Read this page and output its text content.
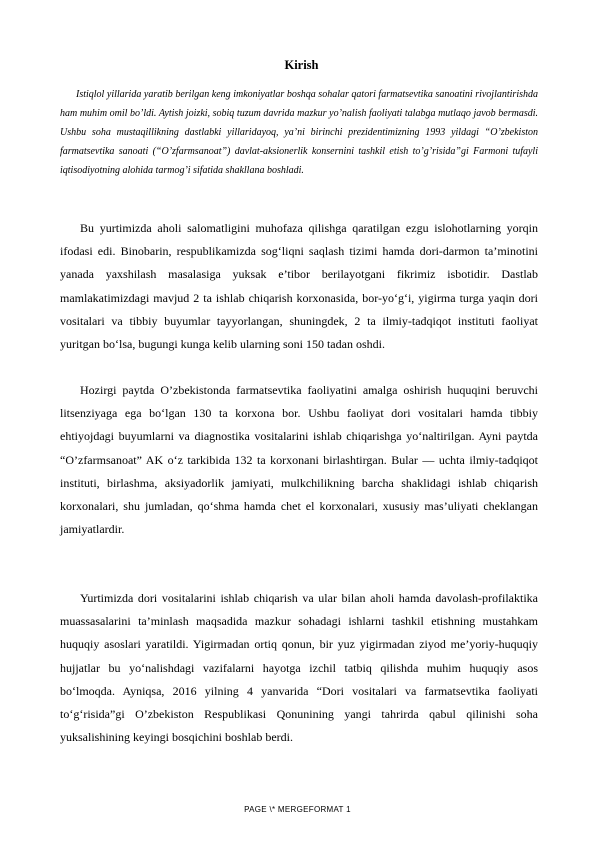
Kirish
Istiqlol yillarida yaratib berilgan keng imkoniyatlar boshqa sohalar qatori farmatsevtika sanoatini rivojlantirishda ham muhim omil bo’ldi. Aytish joizki, sobiq tuzum davrida mazkur yo’nalish faoliyati talabga mutlaqo javob bermasdi. Ushbu soha mustaqillikning dastlabki yillaridayoq, ya’ni birinchi prezidentimizning 1993 yildagi “O’zbekiston farmatsevtika sanoati (“O’zfarmsanoat”) davlat-aksionerlik konsernini tashkil etish to’g’risida”gi Farmoni tufayli iqtisodiyotning alohida tarmog’i sifatida shakllana boshladi.

Bu yurtimizda aholi salomatligini muhofaza qilishga qaratilgan ezgu islohotlarning yorqin ifodasi edi. Binobarin, respublikamizda sog‘liqni saqlash tizimi hamda dori-darmon ta’minotini yanada yaxshilash masalasiga yuksak e’tibor berilayotgani fikrimiz isbotidir. Dastlab mamlakatimizdagi mavjud 2 ta ishlab chiqarish korxonasida, bor-yo‘g‘i, yigirma turga yaqin dori vositalari va tibbiy buyumlar tayyorlangan, shuningdek, 2 ta ilmiy-tadqiqot instituti faoliyat yuritgan bo‘lsa, bugungi kunga kelib ularning soni 150 tadan oshdi.

Hozirgi paytda O’zbekistonda farmatsevtika faoliyatini amalga oshirish huquqini beruvchi litsenziyaga ega bo‘lgan 130 ta korxona bor. Ushbu faoliyat dori vositalari hamda tibbiy ehtiyojdagi buyumlarni va diagnostika vositalarini ishlab chiqarishga yo‘naltirilgan. Ayni paytda “O’zfarmsanoat” AK o‘z tarkibida 132 ta korxonani birlashtirgan. Bular — uchta ilmiy-tadqiqot instituti, birlashma, aksiyadorlik jamiyati, mulkchilikning barcha shaklidagi ishlab chiqarish korxonalari, shu jumladan, qo‘shma hamda chet el korxonalari, xususiy mas’uliyati cheklangan jamiyatlardir.

Yurtimizda dori vositalarini ishlab chiqarish va ular bilan aholi hamda davolash-profilaktika muassasalarini ta’minlash maqsadida mazkur sohadagi ishlarni tashkil etishning mustahkam huquqiy asoslari yaratildi. Yigirmadan ortiq qonun, bir yuz yigirmadan ziyod me’yoriy-huquqiy hujjatlar bu yo‘nalishdagi vazifalarni hayotga izchil tatbiq qilishda muhim huquqiy asos bo‘lmoqda. Ayniqsa, 2016 yilning 4 yanvarida “Dori vositalari va farmatsevtika faoliyati to‘g‘risida”gi O’zbekiston Respublikasi Qonunining yangi tahrirda qabul qilinishi soha yuksalishining keyingi bosqichini boshlab berdi.

PAGE \* MERGEFORMAT 1
